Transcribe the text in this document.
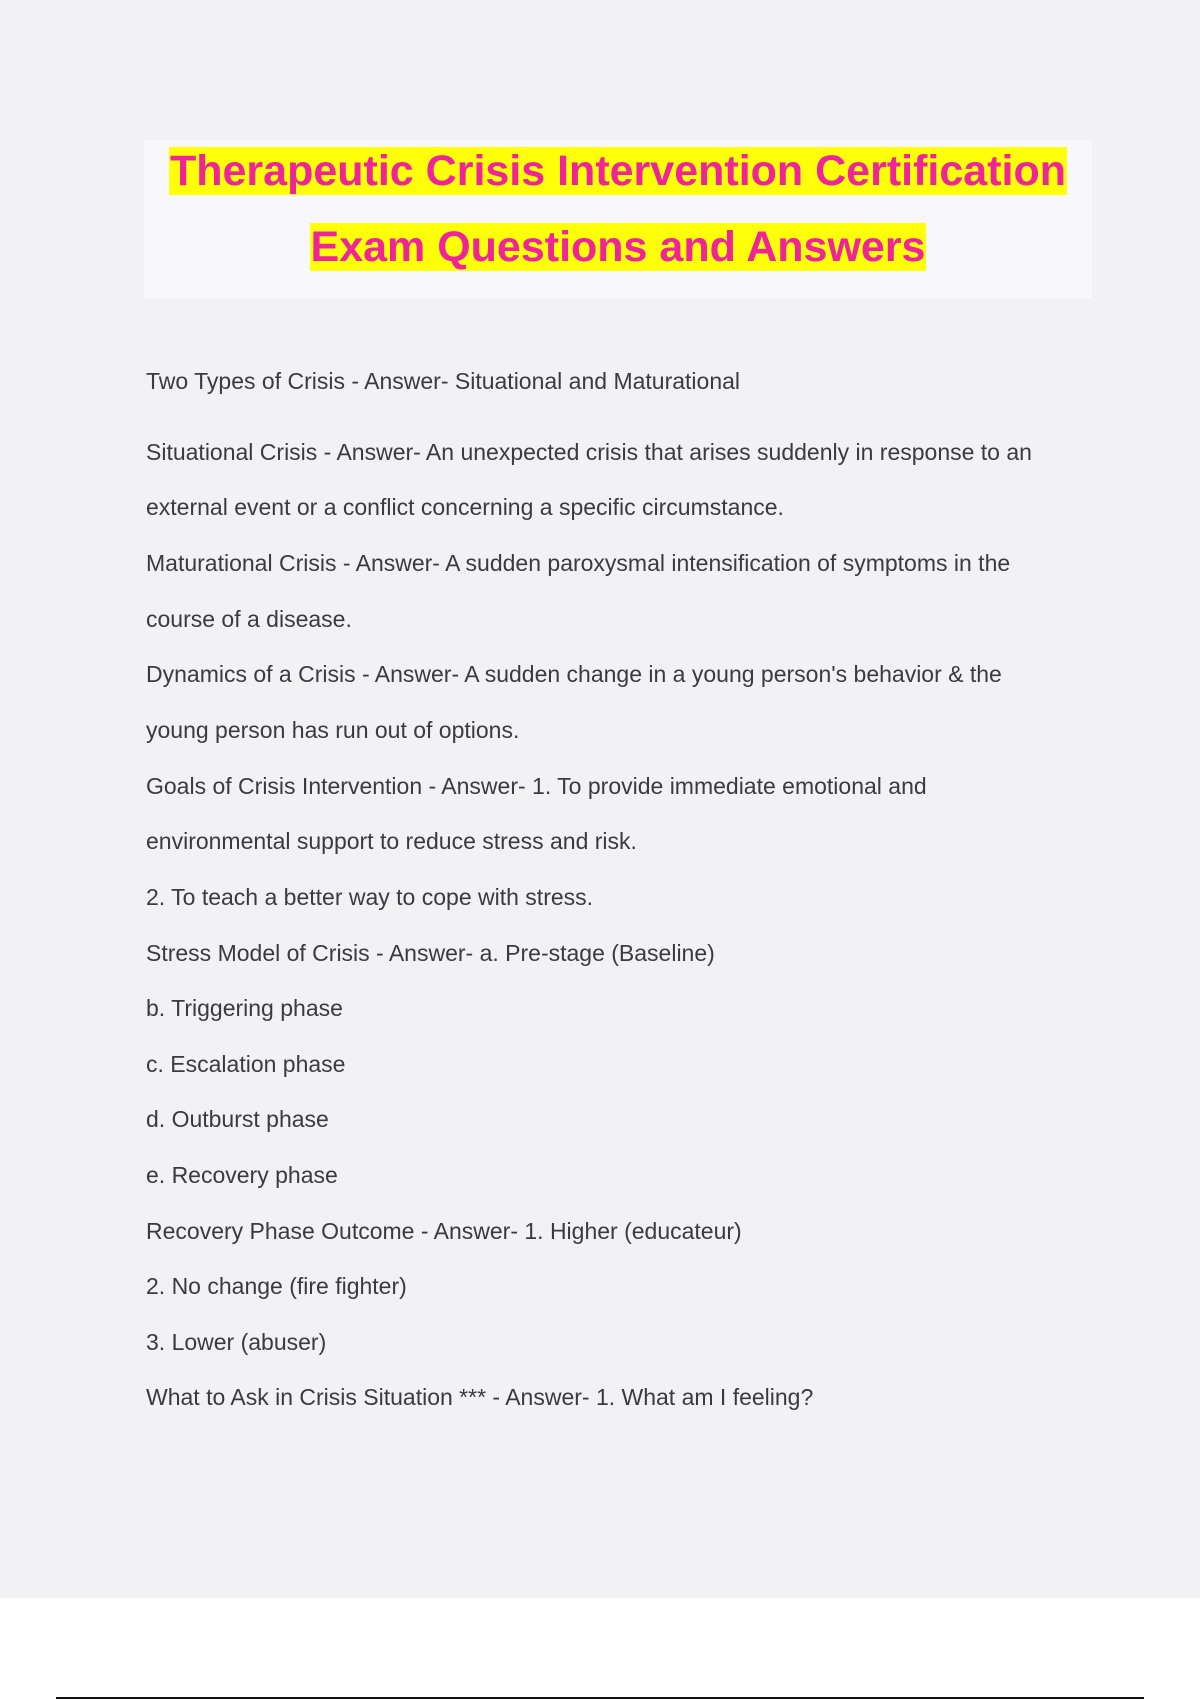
Therapeutic Crisis Intervention Certification
Exam Questions and Answers
Two Types of Crisis - Answer- Situational and Maturational
Situational Crisis - Answer- An unexpected crisis that arises suddenly in response to an
external event or a conflict concerning a specific circumstance.
Maturational Crisis - Answer- A sudden paroxysmal intensification of symptoms in the
course of a disease.
Dynamics of a Crisis - Answer- A sudden change in a young person's behavior & the
young person has run out of options.
Goals of Crisis Intervention - Answer- 1. To provide immediate emotional and
environmental support to reduce stress and risk.
2. To teach a better way to cope with stress.
Stress Model of Crisis - Answer- a. Pre-stage (Baseline)
b. Triggering phase
c. Escalation phase
d. Outburst phase
e. Recovery phase
Recovery Phase Outcome - Answer- 1. Higher (educateur)
2. No change (fire fighter)
3. Lower (abuser)
What to Ask in Crisis Situation *** - Answer- 1. What am I feeling?
